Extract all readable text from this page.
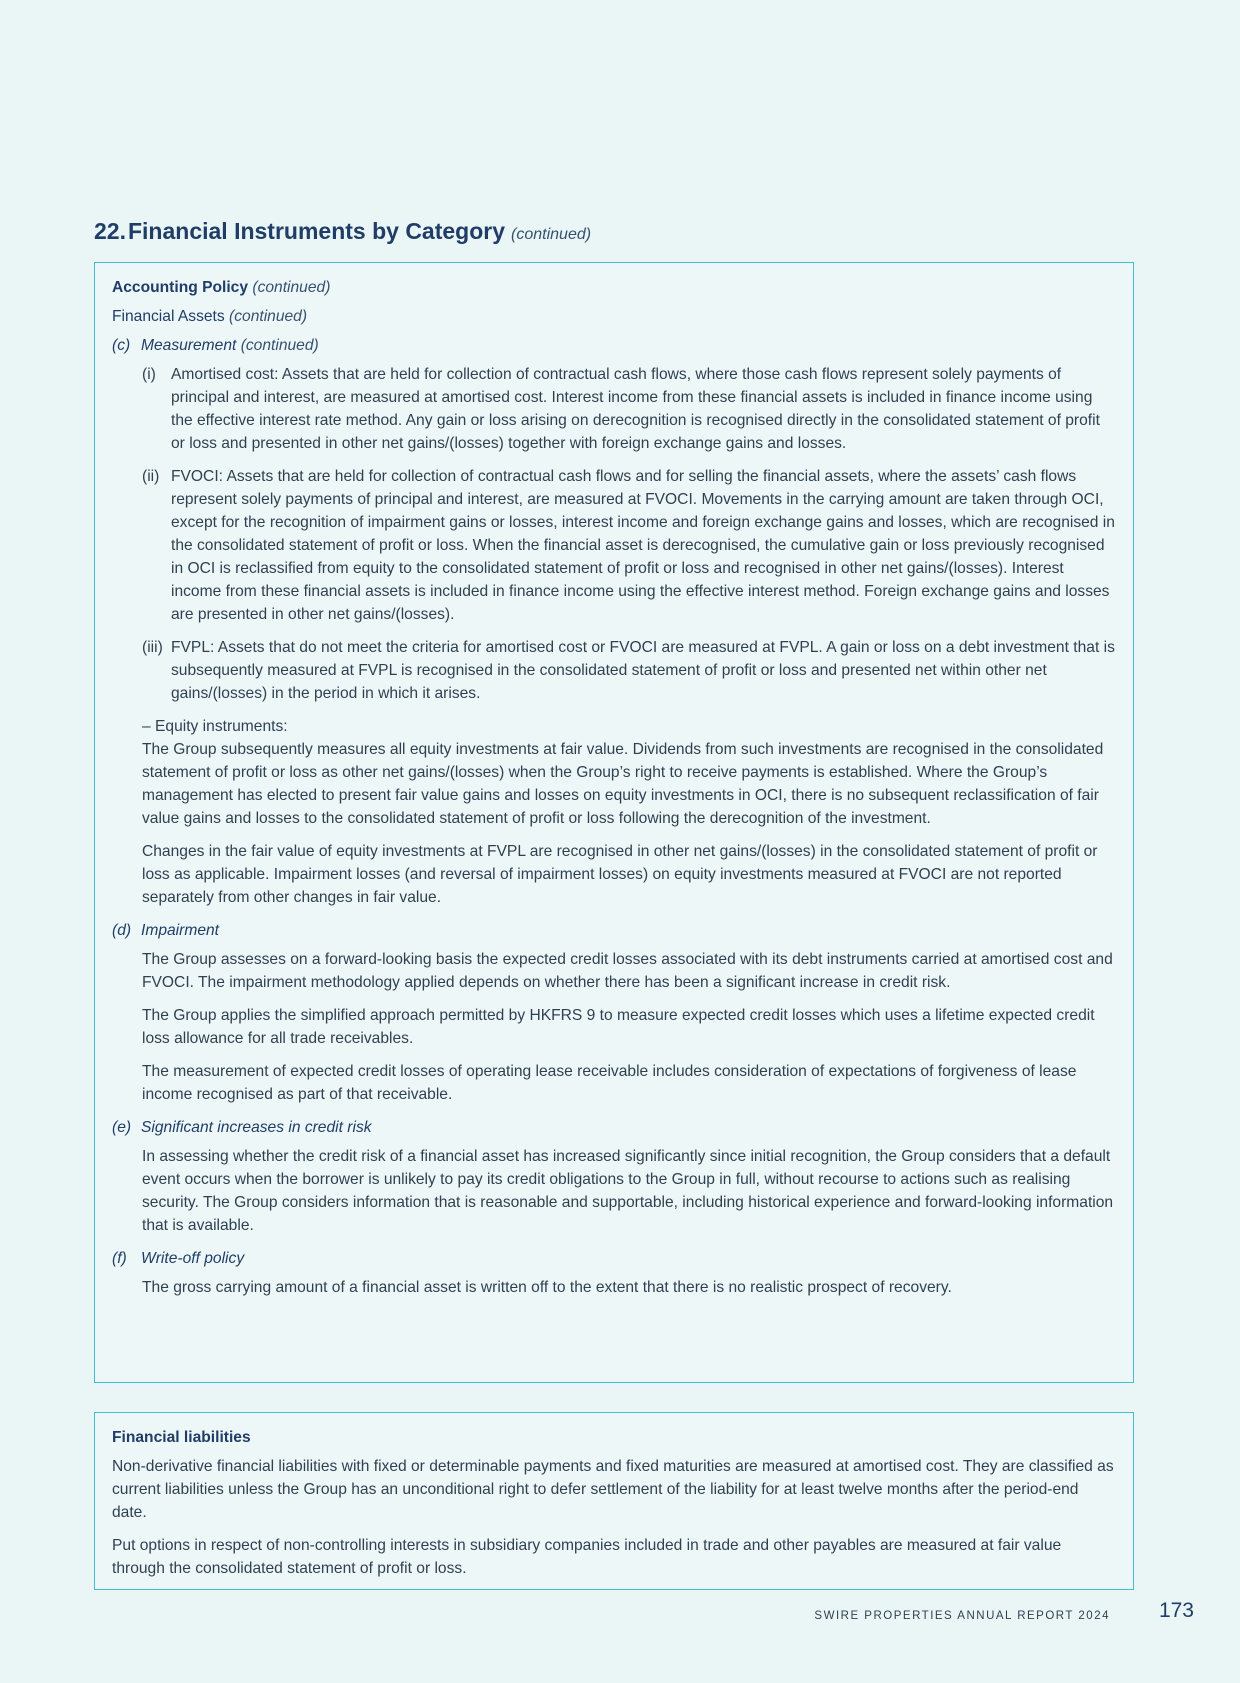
22.Financial Instruments by Category (continued)
Accounting Policy (continued)
Financial Assets (continued)
(c) Measurement (continued)
(i) Amortised cost: Assets that are held for collection of contractual cash flows, where those cash flows represent solely payments of principal and interest, are measured at amortised cost. Interest income from these financial assets is included in finance income using the effective interest rate method. Any gain or loss arising on derecognition is recognised directly in the consolidated statement of profit or loss and presented in other net gains/(losses) together with foreign exchange gains and losses.
(ii) FVOCI: Assets that are held for collection of contractual cash flows and for selling the financial assets, where the assets’ cash flows represent solely payments of principal and interest, are measured at FVOCI. Movements in the carrying amount are taken through OCI, except for the recognition of impairment gains or losses, interest income and foreign exchange gains and losses, which are recognised in the consolidated statement of profit or loss. When the financial asset is derecognised, the cumulative gain or loss previously recognised in OCI is reclassified from equity to the consolidated statement of profit or loss and recognised in other net gains/(losses). Interest income from these financial assets is included in finance income using the effective interest method. Foreign exchange gains and losses are presented in other net gains/(losses).
(iii) FVPL: Assets that do not meet the criteria for amortised cost or FVOCI are measured at FVPL. A gain or loss on a debt investment that is subsequently measured at FVPL is recognised in the consolidated statement of profit or loss and presented net within other net gains/(losses) in the period in which it arises.
– Equity instruments:

The Group subsequently measures all equity investments at fair value. Dividends from such investments are recognised in the consolidated statement of profit or loss as other net gains/(losses) when the Group’s right to receive payments is established. Where the Group’s management has elected to present fair value gains and losses on equity investments in OCI, there is no subsequent reclassification of fair value gains and losses to the consolidated statement of profit or loss following the derecognition of the investment.

Changes in the fair value of equity investments at FVPL are recognised in other net gains/(losses) in the consolidated statement of profit or loss as applicable. Impairment losses (and reversal of impairment losses) on equity investments measured at FVOCI are not reported separately from other changes in fair value.

(d) Impairment

The Group assesses on a forward-looking basis the expected credit losses associated with its debt instruments carried at amortised cost and FVOCI. The impairment methodology applied depends on whether there has been a significant increase in credit risk.

The Group applies the simplified approach permitted by HKFRS 9 to measure expected credit losses which uses a lifetime expected credit loss allowance for all trade receivables.

The measurement of expected credit losses of operating lease receivable includes consideration of expectations of forgiveness of lease income recognised as part of that receivable.

(e) Significant increases in credit risk

In assessing whether the credit risk of a financial asset has increased significantly since initial recognition, the Group considers that a default event occurs when the borrower is unlikely to pay its credit obligations to the Group in full, without recourse to actions such as realising security. The Group considers information that is reasonable and supportable, including historical experience and forward-looking information that is available.

(f) Write-off policy

The gross carrying amount of a financial asset is written off to the extent that there is no realistic prospect of recovery.

Financial liabilities

Non-derivative financial liabilities with fixed or determinable payments and fixed maturities are measured at amortised cost. They are classified as current liabilities unless the Group has an unconditional right to defer settlement of the liability for at least twelve months after the period-end date.

Put options in respect of non-controlling interests in subsidiary companies included in trade and other payables are measured at fair value through the consolidated statement of profit or loss.

SWIRE PROPERTIES ANNUAL REPORT 2024 173
